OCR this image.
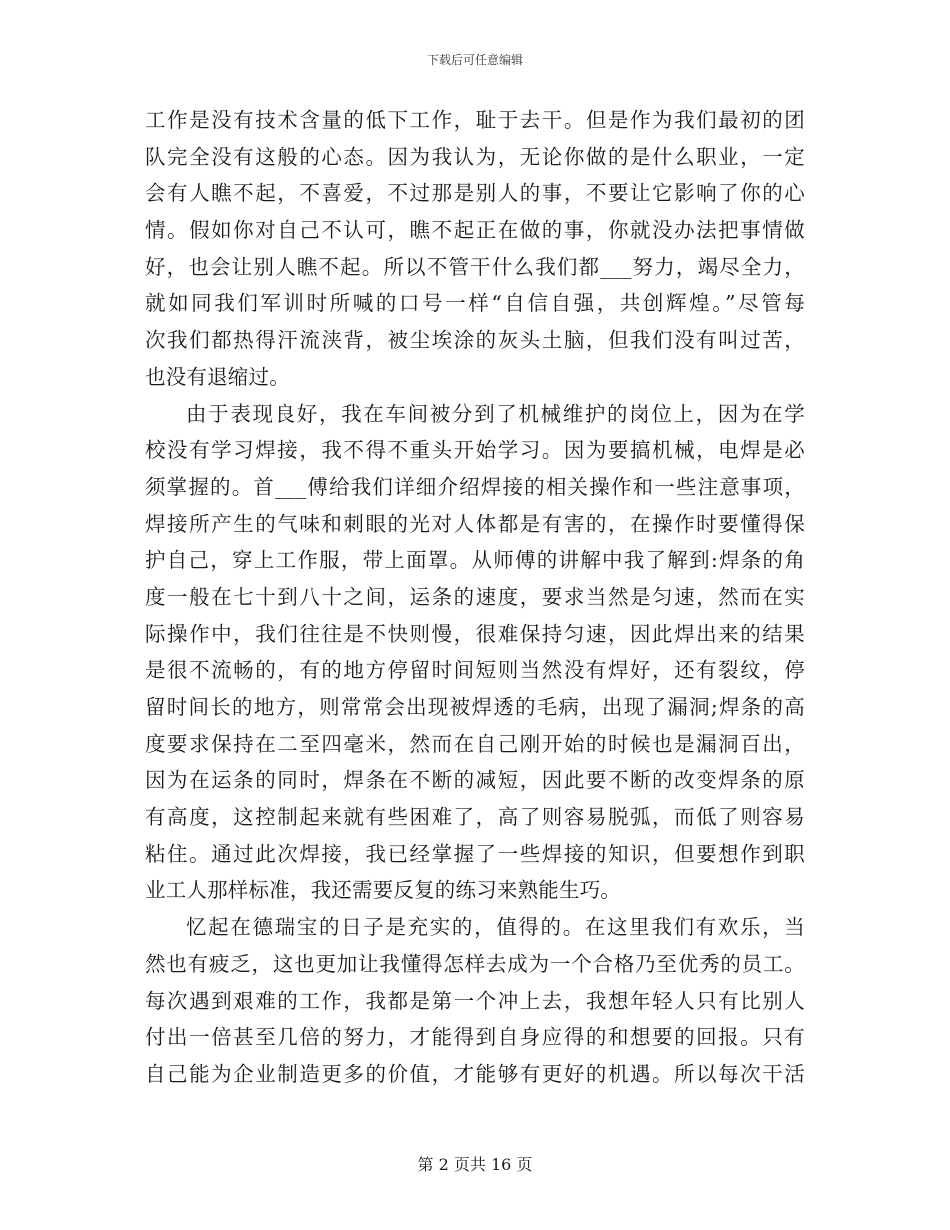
下载后可任意编辑
工作是没有技术含量的低下工作，耻于去干。但是作为我们最初的团
队完全没有这般的心态。因为我认为，无论你做的是什么职业，一定
会有人瞧不起，不喜爱，不过那是别人的事，不要让它影响了你的心
情。假如你对自己不认可，瞧不起正在做的事，你就没办法把事情做
好，也会让别人瞧不起。所以不管干什么我们都___努力，竭尽全力，
就如同我们军训时所喊的口号一样“自信自强，共创辉煌。”尽管每
次我们都热得汗流浃背，被尘埃涂的灰头土脑，但我们没有叫过苦，
也没有退缩过。
由于表现良好，我在车间被分到了机械维护的岗位上，因为在学
校没有学习焊接，我不得不重头开始学习。因为要搞机械，电焊是必
须掌握的。首___傅给我们详细介绍焊接的相关操作和一些注意事项，
焊接所产生的气味和刺眼的光对人体都是有害的，在操作时要懂得保
护自己，穿上工作服，带上面罩。从师傅的讲解中我了解到:焊条的角
度一般在七十到八十之间，运条的速度，要求当然是匀速，然而在实
际操作中，我们往往是不快则慢，很难保持匀速，因此焊出来的结果
是很不流畅的，有的地方停留时间短则当然没有焊好，还有裂纹，停
留时间长的地方，则常常会出现被焊透的毛病，出现了漏洞;焊条的高
度要求保持在二至四毫米，然而在自己刚开始的时候也是漏洞百出，
因为在运条的同时，焊条在不断的减短，因此要不断的改变焊条的原
有高度，这控制起来就有些困难了，高了则容易脱弧，而低了则容易
粘住。通过此次焊接，我已经掌握了一些焊接的知识，但要想作到职
业工人那样标准，我还需要反复的练习来熟能生巧。
忆起在德瑞宝的日子是充实的，值得的。在这里我们有欢乐，当
然也有疲乏，这也更加让我懂得怎样去成为一个合格乃至优秀的员工。
每次遇到艰难的工作，我都是第一个冲上去，我想年轻人只有比别人
付出一倍甚至几倍的努力，才能得到自身应得的和想要的回报。只有
自己能为企业制造更多的价值，才能够有更好的机遇。所以每次干活
第 2 页共 16 页
